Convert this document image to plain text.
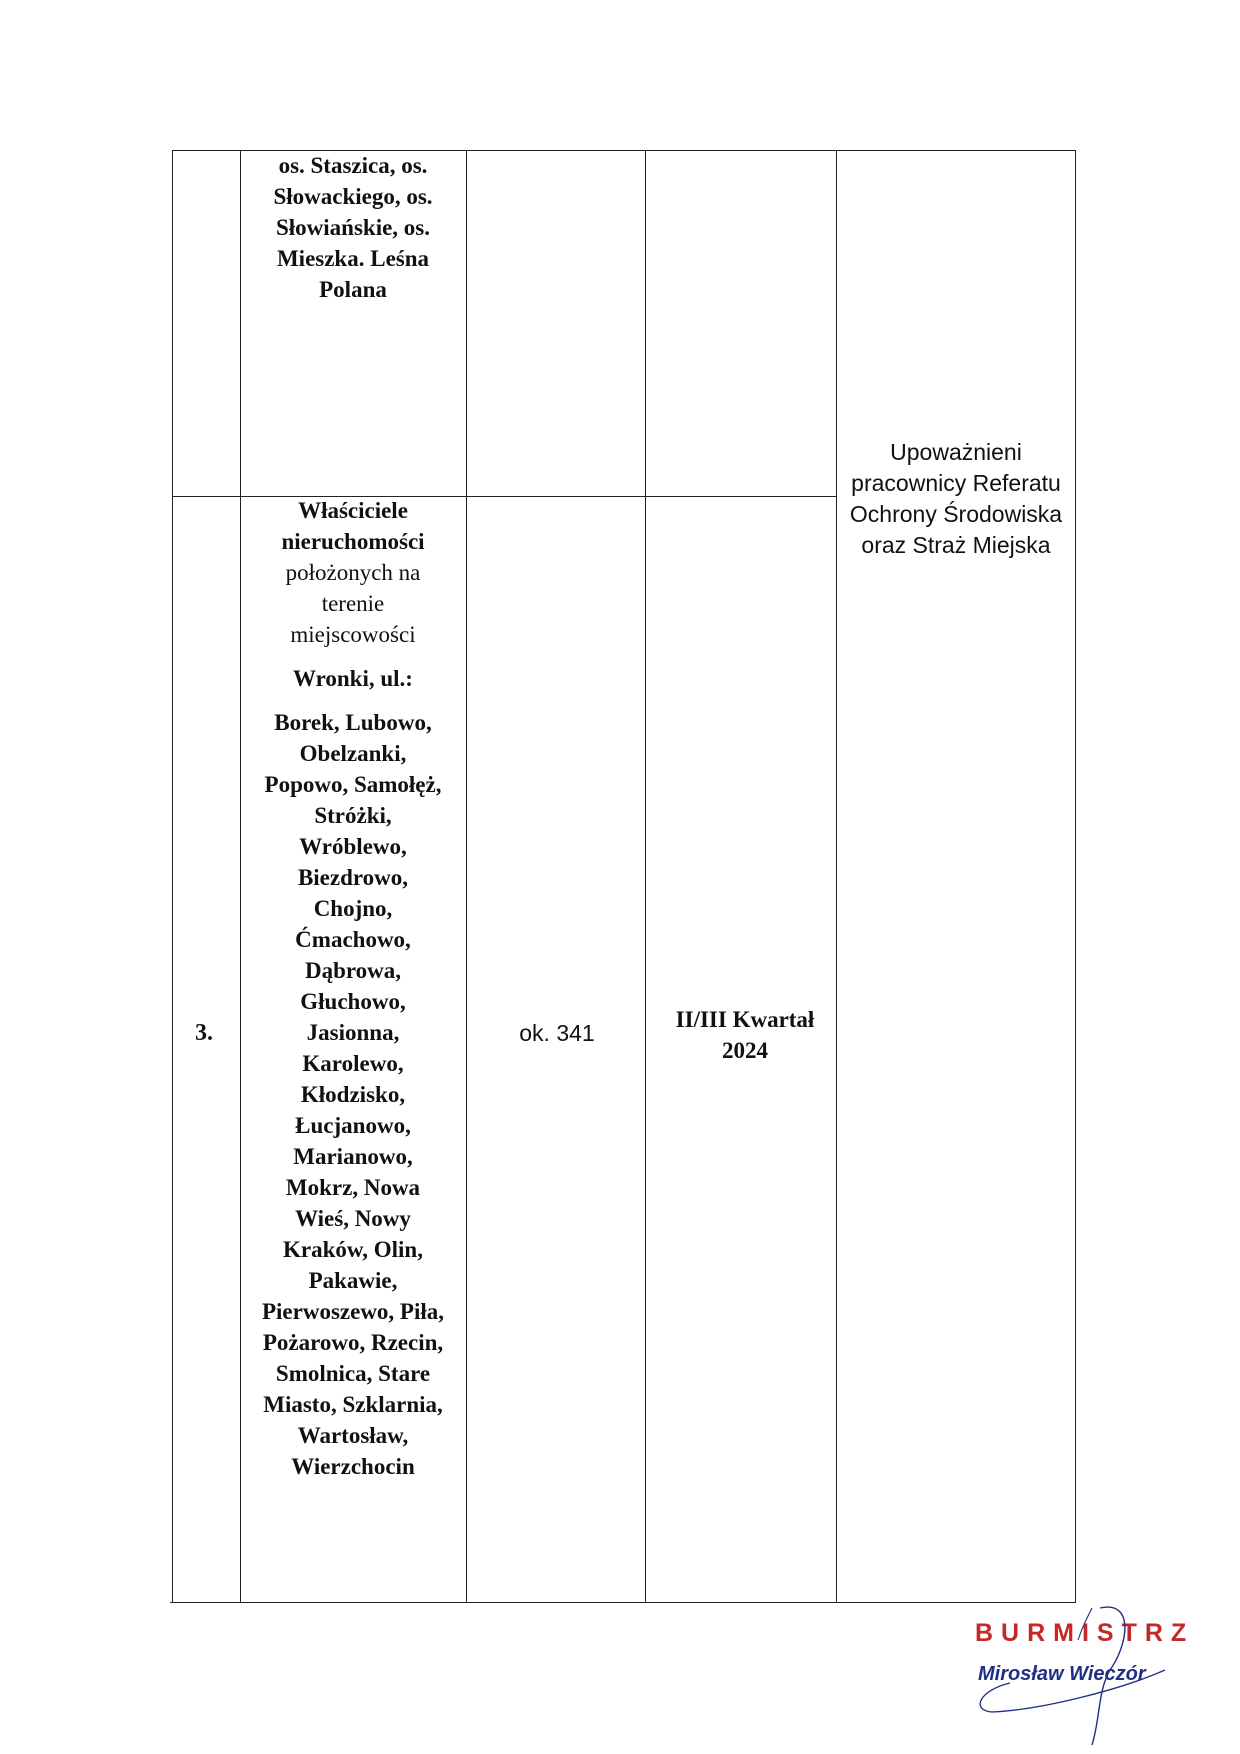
os. Staszica, os.
Słowackiego, os.
Słowiańskie, os.
Mieszka. Leśna
Polana
3.
Właściciele
nieruchomości
położonych na
terenie
miejscowości
Wronki, ul.:
Borek, Lubowo,
Obelzanki,
Popowo, Samołęż,
Stróżki,
Wróblewo,
Biezdrowo,
Chojno,
Ćmachowo,
Dąbrowa,
Głuchowo,
Jasionna,
Karolewo,
Kłodzisko,
Łucjanowo,
Marianowo,
Mokrz, Nowa
Wieś, Nowy
Kraków, Olin,
Pakawie,
Pierwoszewo, Piła,
Pożarowo, Rzecin,
Smolnica, Stare
Miasto, Szklarnia,
Wartosław,
Wierzchocin
ok. 341
II/III Kwartał
2024
Upoważnieni
pracownicy Referatu
Ochrony Środowiska
oraz Straż Miejska
BURMISTRZ
Mirosław Wieczór
